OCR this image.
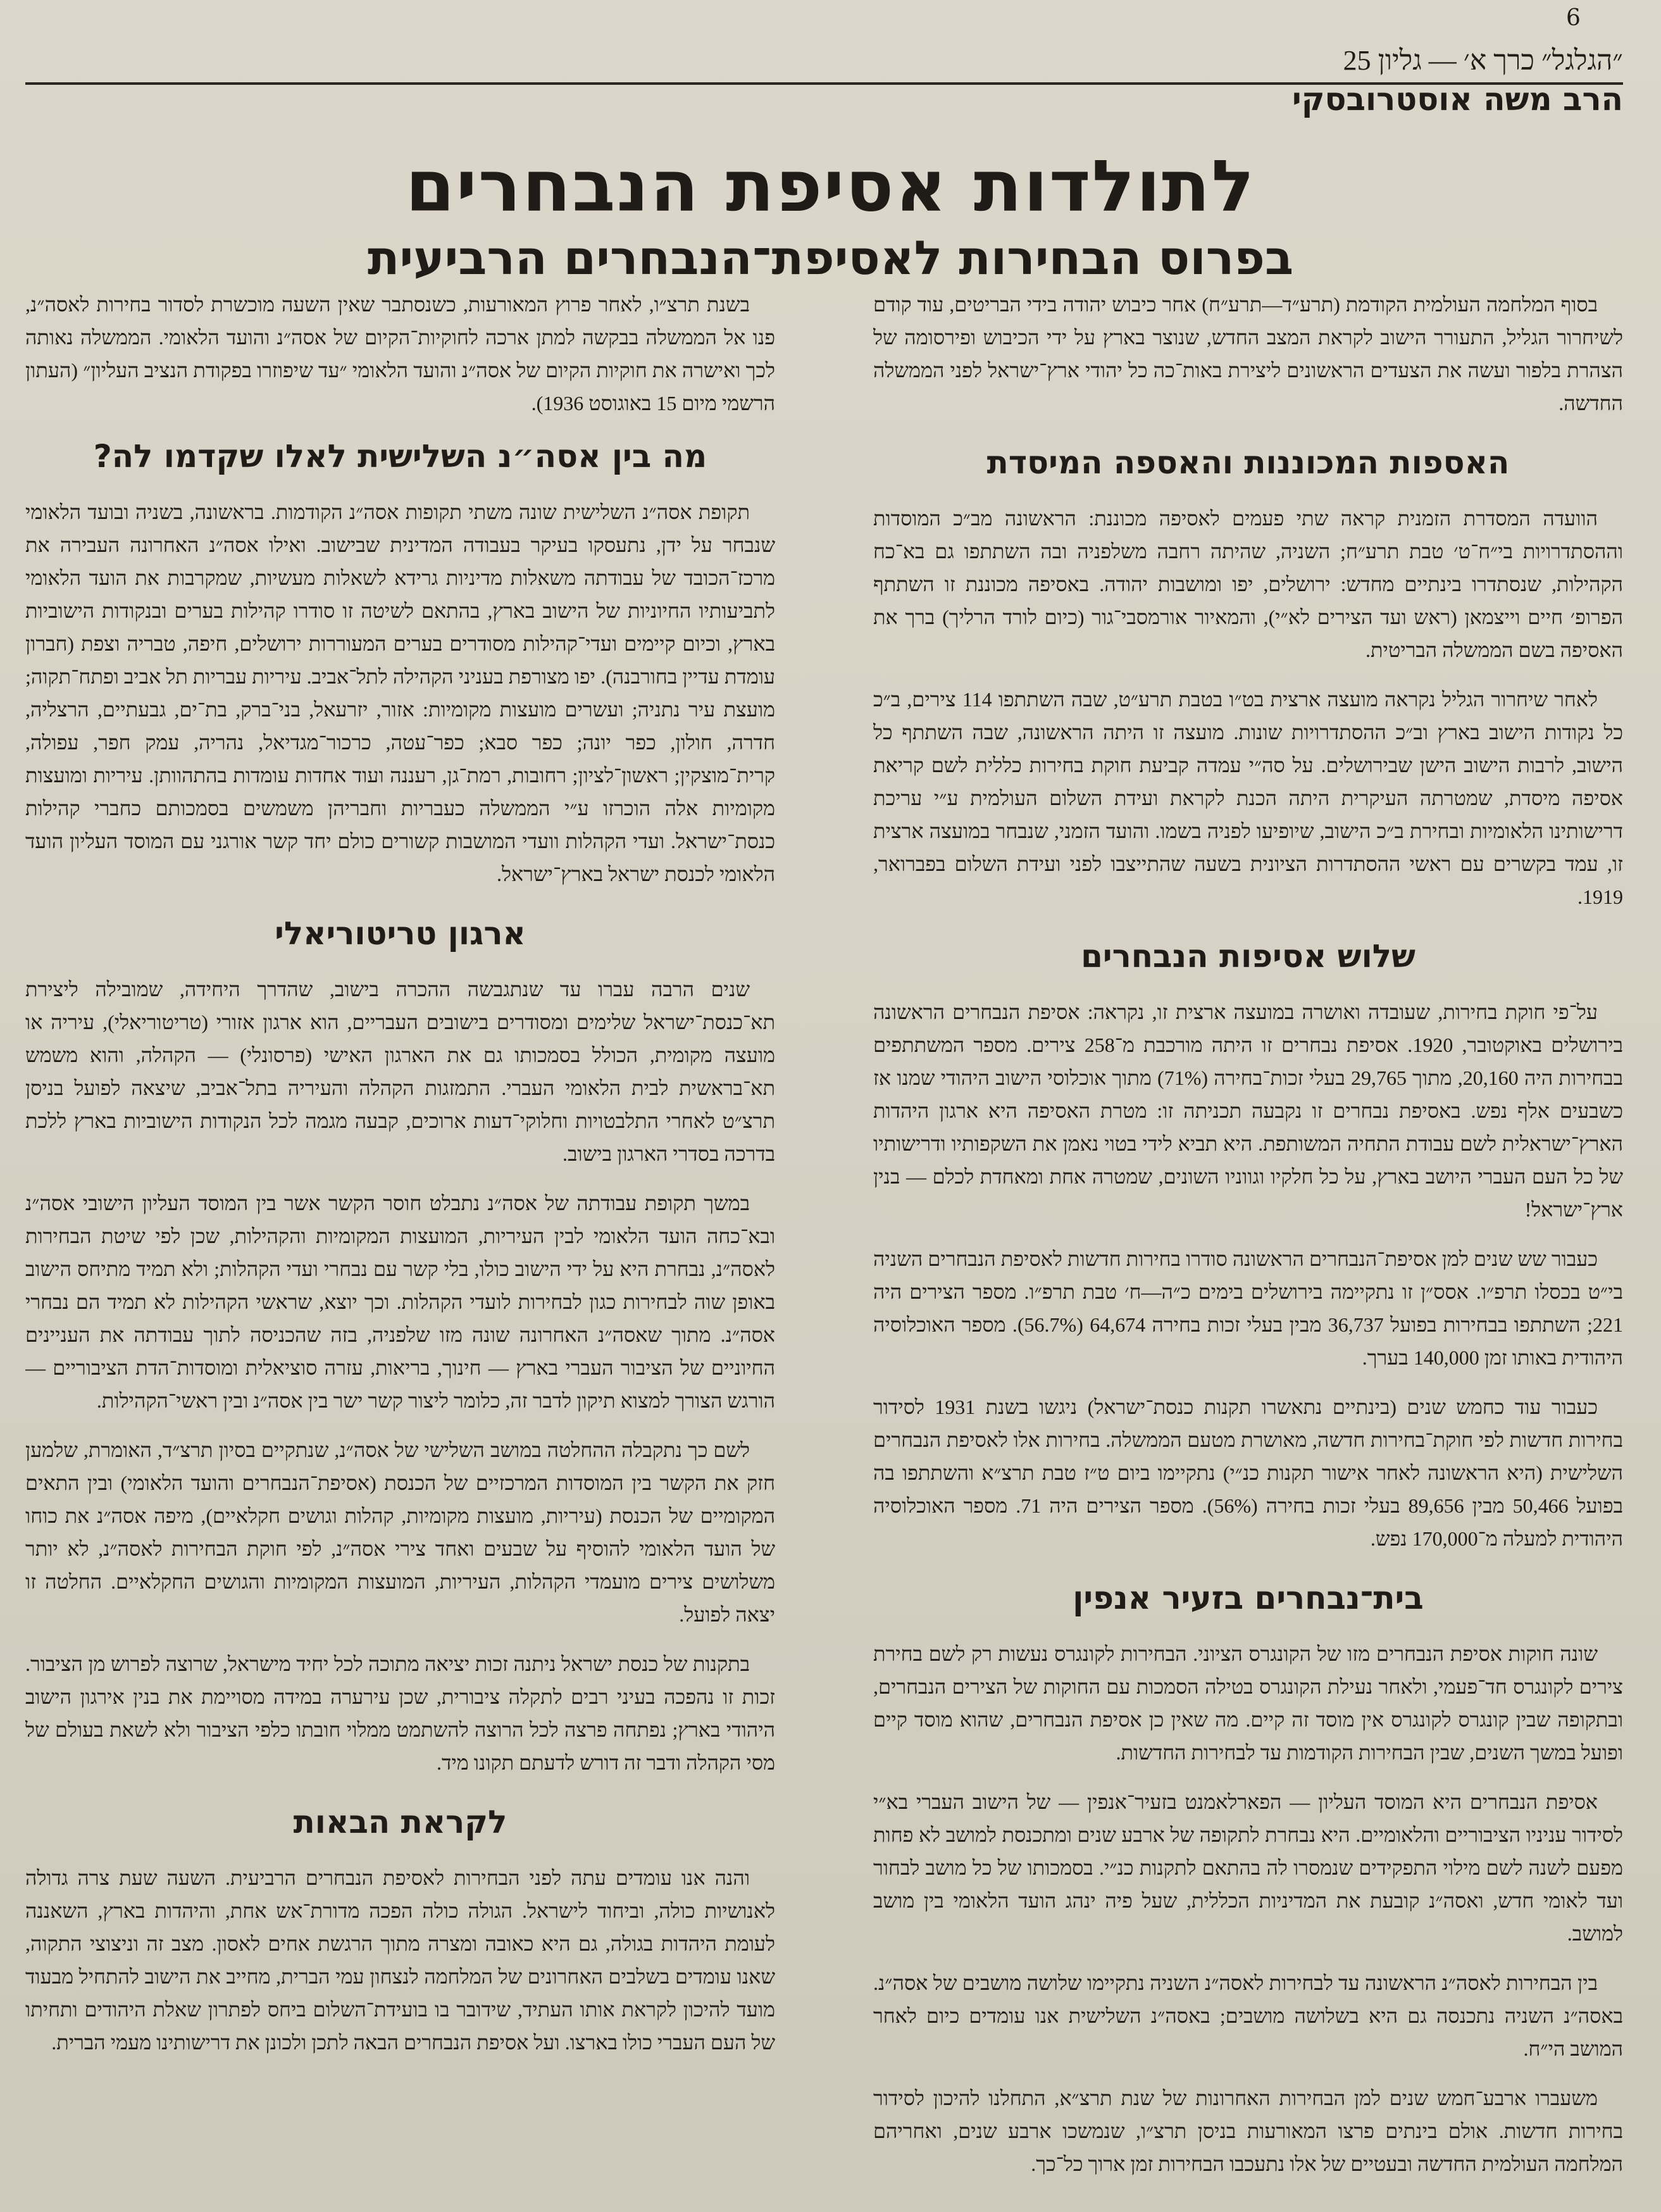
6
״הגלגל״ כרך א׳ — גליון 25
הרב משה אוסטרובסקי
לתולדות אסיפת הנבחרים
בפרוס הבחירות לאסיפת־הנבחרים הרביעית

בסוף המלחמה העולמית הקודמת (תרע״ד—תרע״ח) אחר כיבוש יהודה בידי הבריטים, עוד קודם לשיחרור הגליל, התעורר הישוב לקראת המצב החדש, שנוצר בארץ על ידי הכיבוש ופירסומה של הצהרת בלפור ועשה את הצעדים הראשונים ליצירת באות־כה כל יהודי ארץ־ישראל לפני הממשלה החדשה.

האספות המכוננות והאספה המיסדת

הוועדה המסדרת הזמנית קראה שתי פעמים לאסיפה מכוננת: הראשונה מב״כ המוסדות וההסתדרויות בי״ח־ט׳ טבת תרע״ח; השניה, שהיתה רחבה משלפניה ובה השתתפו גם בא־כח הקהילות, שנסתדרו בינתיים מחדש: ירושלים, יפו ומושבות יהודה. באסיפה מכוננת זו השתתף הפרופ׳ חיים וייצמאן (ראש ועד הצירים לא״י), והמאיור אורמסבי־גור (כיום לורד הרליך) ברך את האסיפה בשם הממשלה הבריטית.

לאחר שיחרור הגליל נקראה מועצה ארצית בט״ו בטבת תרע״ט, שבה השתתפו 114 צירים, ב״כ כל נקודות הישוב בארץ וב״כ ההסתדרויות שונות. מועצה זו היתה הראשונה, שבה השתתף כל הישוב, לרבות הישוב הישן שבירושלים. על סה״י עמדה קביעת חוקת בחירות כללית לשם קריאת אסיפה מיסדת, שמטרתה העיקרית היתה הכנת לקראת ועידת השלום העולמית ע״י עריכת דרישותינו הלאומיות ובחירת ב״כ הישוב, שיופיעו לפניה בשמו. והועד הזמני, שנבחר במועצה ארצית זו, עמד בקשרים עם ראשי ההסתדרות הציונית בשעה שהתייצבו לפני ועידת השלום בפברואר, 1919.

שלוש אסיפות הנבחרים

על־פי חוקת בחירות, שעובדה ואושרה במועצה ארצית זו, נקראה: אסיפת הנבחרים הראשונה בירושלים באוקטובר, 1920. אסיפת נבחרים זו היתה מורכבת מ־258 צירים. מספר המשתתפים בבחירות היה 20,160, מתוך 29,765 בעלי זכות־בחירה (71%) מתוך אוכלוסי הישוב היהודי שמנו אז כשבעים אלף נפש. באסיפת נבחרים זו נקבעה תכניתה זו: מטרת האסיפה היא ארגון היהדות הארץ־ישראלית לשם עבודת התחיה המשותפת. היא תביא לידי בטוי נאמן את השקפותיו ודרישותיו של כל העם העברי היושב בארץ, על כל חלקיו וגווניו השונים, שמטרה אחת ומאחדת לכלם — בנין ארץ־ישראל!

כעבור שש שנים למן אסיפת־הנבחרים הראשונה סודרו בחירות חדשות לאסיפת הנבחרים השניה בי״ט בכסלו תרפ״ו. אסס״ן זו נתקיימה בירושלים בימים כ״ה—ח׳ טבת תרפ״ו. מספר הצירים היה 221; השתתפו בבחירות בפועל 36,737 מבין בעלי זכות בחירה 64,674 (56.7%). מספר האוכלוסיה היהודית באותו זמן 140,000 בערך.

כעבור עוד כחמש שנים (בינתיים נתאשרו תקנות כנסת־ישראל) ניגשו בשנת 1931 לסידור בחירות חדשות לפי חוקת־בחירות חדשה, מאושרת מטעם הממשלה. בחירות אלו לאסיפת הנבחרים השלישית (היא הראשונה לאחר אישור תקנות כנ״י) נתקיימו ביום ט״ז טבת תרצ״א והשתתפו בה בפועל 50,466 מבין 89,656 בעלי זכות בחירה (56%). מספר הצירים היה 71. מספר האוכלוסיה היהודית למעלה מ־170,000 נפש.

בית־נבחרים בזעיר אנפין

שונה חוקות אסיפת הנבחרים מזו של הקונגרס הציוני. הבחירות לקונגרס נעשות רק לשם בחירת צירים לקונגרס חד־פעמי, ולאחר נעילת הקונגרס בטילה הסמכות עם החוקות של הצירים הנבחרים, ובתקופה שבין קונגרס לקונגרס אין מוסד זה קיים. מה שאין כן אסיפת הנבחרים, שהוא מוסד קיים ופועל במשך השנים, שבין הבחירות הקודמות עד לבחירות החדשות.

אסיפת הנבחרים היא המוסד העליון — הפארלאמנט בזעיר־אנפין — של הישוב העברי בא״י לסידור עניניו הציבוריים והלאומיים. היא נבחרת לתקופה של ארבע שנים ומתכנסת למושב לא פחות מפעם לשנה לשם מילוי התפקידים שנמסרו לה בהתאם לתקנות כנ״י. בסמכותו של כל מושב לבחור ועד לאומי חדש, ואסה״נ קובעת את המדיניות הכללית, שעל פיה ינהג הועד הלאומי בין מושב למושב.

בין הבחירות לאסה״נ הראשונה עד לבחירות לאסה״נ השניה נתקיימו שלושה מושבים של אסה״נ. באסה״נ השניה נתכנסה גם היא בשלושה מושבים; באסה״נ השלישית אנו עומדים כיום לאחר המושב הי״ח.

משעברו ארבע־חמש שנים למן הבחירות האחרונות של שנת תרצ״א, התחלנו להיכון לסידור בחירות חדשות. אולם בינתים פרצו המאורעות בניסן תרצ״ו, שנמשכו ארבע שנים, ואחריהם המלחמה העולמית החדשה ובעטיים של אלו נתעכבו הבחירות זמן ארוך כל־כך.

בשנת תרצ״ו, לאחר פרוץ המאורעות, כשנסתבר שאין השעה מוכשרת לסדור בחירות לאסה״נ, פנו אל הממשלה בבקשה למתן ארכה לחוקיות־הקיום של אסה״נ והועד הלאומי. הממשלה נאותה לכך ואישרה את חוקיות הקיום של אסה״נ והועד הלאומי ״עד שיפוזרו בפקודת הנציב העליון״ (העתון הרשמי מיום 15 באוגוסט 1936).

מה בין אסה״נ השלישית לאלו שקדמו לה?

תקופת אסה״נ השלישית שונה משתי תקופות אסה״נ הקודמות. בראשונה, בשניה ובועד הלאומי שנבחר על ידן, נתעסקו בעיקר בעבודה המדינית שבישוב. ואילו אסה״נ האחרונה העבירה את מרכז־הכובד של עבודתה משאלות מדיניות גרידא לשאלות מעשיות, שמקרבות את הועד הלאומי לתביעותיו החיוניות של הישוב בארץ, בהתאם לשיטה זו סודרו קהילות בערים ובנקודות הישוביות בארץ, וכיום קיימים ועדי־קהילות מסודרים בערים המעוררות ירושלים, חיפה, טבריה וצפת (חברון עומדת עדיין בחורבנה). יפו מצורפת בעניני הקהילה לתל־אביב. עיריות עבריות תל אביב ופתח־תקוה; מועצת עיר נתניה; ועשרים מועצות מקומיות: אזור, יזרעאל, בני־ברק, בת־ים, גבעתיים, הרצליה, חדרה, חולון, כפר יונה; כפר סבא; כפר־עטה, כרכור־מגדיאל, נהריה, עמק חפר, עפולה, קרית־מוצקין; ראשון־לציון; רחובות, רמת־גן, רעננה ועוד אחדות עומדות בהתהוותן. עיריות ומועצות מקומיות אלה הוכרזו ע״י הממשלה כעבריות וחבריהן משמשים בסמכותם כחברי קהילות כנסת־ישראל. ועדי הקהלות וועדי המושבות קשורים כולם יחד קשר אורגני עם המוסד העליון הועד הלאומי לכנסת ישראל בארץ־ישראל.

ארגון טריטוריאלי

שנים הרבה עברו עד שנתגבשה ההכרה בישוב, שהדרך היחידה, שמובילה ליצירת תא־כנסת־ישראל שלימים ומסודרים בישובים העבריים, הוא ארגון אזורי (טריטוריאלי), עיריה או מועצה מקומית, הכולל בסמכותו גם את הארגון האישי (פרסונלי) — הקהלה, והוא משמש תא־בראשית לבית הלאומי העברי. התמזגות הקהלה והעיריה בתל־אביב, שיצאה לפועל בניסן תרצ״ט לאחרי התלבטויות וחלוקי־דעות ארוכים, קבעה מגמה לכל הנקודות הישוביות בארץ ללכת בדרכה בסדרי הארגון בישוב.

במשך תקופת עבודתה של אסה״נ נתבלט חוסר הקשר אשר בין המוסד העליון הישובי אסה״נ ובא־כחה הועד הלאומי לבין העיריות, המועצות המקומיות והקהילות, שכן לפי שיטת הבחירות לאסה״נ, נבחרת היא על ידי הישוב כולו, בלי קשר עם נבחרי ועדי הקהלות; ולא תמיד מתיחס הישוב באופן שוה לבחירות כגון לבחירות לועדי הקהלות. וכך יוצא, שראשי הקהילות לא תמיד הם נבחרי אסה״נ. מתוך שאסה״נ האחרונה שונה מזו שלפניה, בזה שהכניסה לתוך עבודתה את העניינים החיוניים של הציבור העברי בארץ — חינוך, בריאות, עזרה סוציאלית ומוסדות־הדת הציבוריים — הורגש הצורך למצוא תיקון לדבר זה, כלומר ליצור קשר ישר בין אסה״נ ובין ראשי־הקהילות.

לשם כך נתקבלה ההחלטה במושב השלישי של אסה״נ, שנתקיים בסיון תרצ״ד, האומרת, שלמען חזק את הקשר בין המוסדות המרכזיים של הכנסת (אסיפת־הנבחרים והועד הלאומי) ובין התאים המקומיים של הכנסת (עיריות, מועצות מקומיות, קהלות וגושים חקלאיים), מיפה אסה״נ את כוחו של הועד הלאומי להוסיף על שבעים ואחד צירי אסה״נ, לפי חוקת הבחירות לאסה״נ, לא יותר משלושים צירים מועמדי הקהלות, העיריות, המועצות המקומיות והגושים החקלאיים. החלטה זו יצאה לפועל.

בתקנות של כנסת ישראל ניתנה זכות יציאה מתוכה לכל יחיד מישראל, שרוצה לפרוש מן הציבור. זכות זו נהפכה בעיני רבים לתקלה ציבורית, שכן עירערה במידה מסויימת את בנין אירגון הישוב היהודי בארץ; נפתחה פרצה לכל הרוצה להשתמט ממלוי חובתו כלפי הציבור ולא לשאת בעולם של מסי הקהלה ודבר זה דורש לדעתם תקונו מיד.

לקראת הבאות

והנה אנו עומדים עתה לפני הבחירות לאסיפת הנבחרים הרביעית. השעה שעת צרה גדולה לאנושיות כולה, וביחוד לישראל. הגולה כולה הפכה מדורת־אש אחת, והיהדות בארץ, השאננה לעומת היהדות בגולה, גם היא כאובה ומצרה מתוך הרגשת אחים לאסון. מצב זה וניצוצי התקוה, שאנו עומדים בשלבים האחרונים של המלחמה לנצחון עמי הברית, מחייב את הישוב להתחיל מבעוד מועד להיכון לקראת אותו העתיד, שידובר בו בועידת־השלום ביחס לפתרון שאלת היהודים ותחיתו של העם העברי כולו בארצו. ועל אסיפת הנבחרים הבאה לתכן ולכונן את דרישותינו מעמי הברית.
